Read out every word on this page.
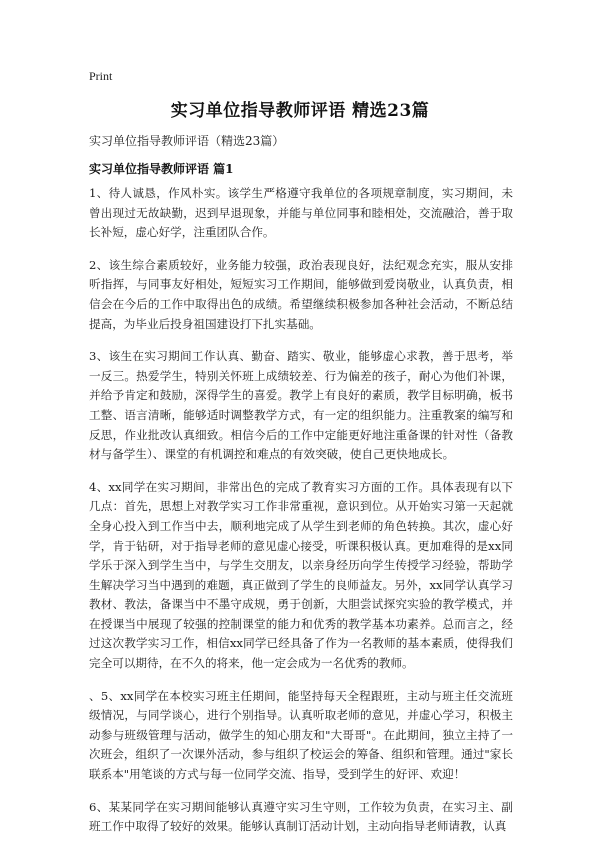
Print
实习单位指导教师评语 精选23篇
实习单位指导教师评语（精选23篇）
实习单位指导教师评语 篇1

1、待人诚恳，作风朴实。该学生严格遵守我单位的各项规章制度，实习期间，未曾出现过无故缺勤，迟到早退现象，并能与单位同事和睦相处，交流融洽，善于取长补短，虚心好学，注重团队合作。

2、该生综合素质较好，业务能力较强，政治表现良好，法纪观念充实，服从安排听指挥，与同事友好相处，短短实习工作期间，能够做到爱岗敬业，认真负责，相信会在今后的工作中取得出色的成绩。希望继续积极参加各种社会活动，不断总结提高，为毕业后投身祖国建设打下扎实基础。

3、该生在实习期间工作认真、勤奋、踏实、敬业，能够虚心求教，善于思考，举一反三。热爱学生，特别关怀班上成绩较差、行为偏差的孩子，耐心为他们补课，并给予肯定和鼓励，深得学生的喜爱。教学上有良好的素质，教学目标明确，板书工整、语言清晰，能够适时调整教学方式，有一定的组织能力。注重教案的编写和反思，作业批改认真细致。相信今后的工作中定能更好地注重备课的针对性（备教材与备学生）、课堂的有机调控和难点的有效突破，使自己更快地成长。

4、xx同学在实习期间，非常出色的完成了教育实习方面的工作。具体表现有以下几点：首先，思想上对教学实习工作非常重视，意识到位。从开始实习第一天起就全身心投入到工作当中去，顺利地完成了从学生到老师的角色转换。其次，虚心好学，肯于钻研，对于指导老师的意见虚心接受，听课积极认真。更加难得的是xx同学乐于深入到学生当中，与学生交朋友，以亲身经历向学生传授学习经验，帮助学生解决学习当中遇到的难题，真正做到了学生的良师益友。另外，xx同学认真学习教材、教法，备课当中不墨守成规，勇于创新，大胆尝试探究实验的教学模式，并在授课当中展现了较强的控制课堂的能力和优秀的教学基本功素养。总而言之，经过这次教学实习工作，相信xx同学已经具备了作为一名教师的基本素质，使得我们完全可以期待，在不久的将来，他一定会成为一名优秀的教师。

、5、xx同学在本校实习班主任期间，能坚持每天全程跟班，主动与班主任交流班级情况，与同学谈心，进行个别指导。认真听取老师的意见，并虚心学习，积极主动参与班级管理与活动，做学生的知心朋友和"大哥哥"。在此期间，独立主持了一次班会，组织了一次课外活动，参与组织了校运会的筹备、组织和管理。通过"家长联系本"用笔谈的方式与每一位同学交流、指导，受到学生的好评、欢迎！

6、某某同学在实习期间能够认真遵守实习生守则，工作较为负责，在实习主、副班工作中取得了较好的效果。能够认真制订活动计划，主动向指导老师请教，认真
